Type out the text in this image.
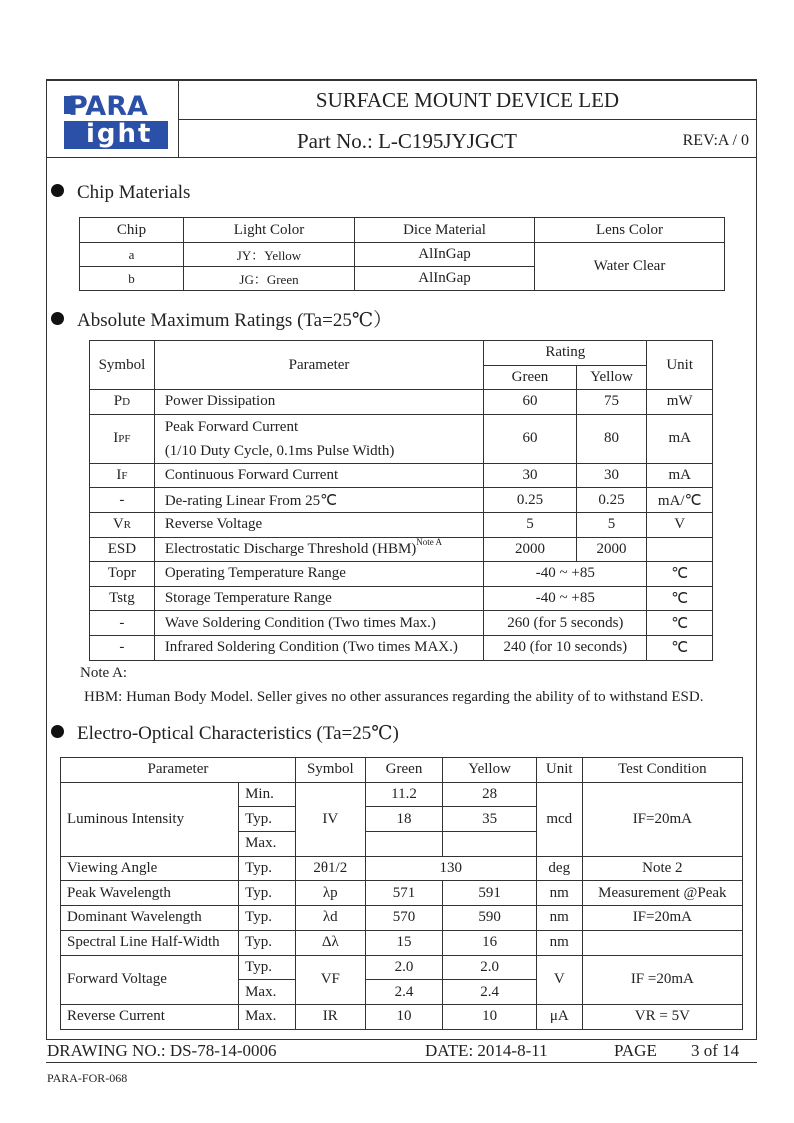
PARA
ight
SURFACE MOUNT DEVICE LED
Part No.: L-C195JYJGCT	REV:A / 0
Chip Materials
Chip	Light Color	Dice Material	Lens Color
a	JY：Yellow	AlInGap	Water Clear
b	JG：Green	AlInGap	
Absolute Maximum Ratings (Ta=25℃）
Symbol	Parameter	Rating		Unit
		Green	Yellow	
PD	Power Dissipation	60	75	mW
IPF	Peak Forward Current
(1/10 Duty Cycle, 0.1ms Pulse Width)	60	80	mA
IF	Continuous Forward Current	30	30	mA
-	De-rating Linear From 25℃	0.25	0.25	mA/℃
VR	Reverse Voltage	5	5	V
ESD	Electrostatic Discharge Threshold (HBM)$^{Note A}$	2000	2000	
Topr	Operating Temperature Range	-40 ~ +85		℃
Tstg	Storage Temperature Range	-40 ~ +85		℃
-	Wave Soldering Condition (Two times Max.)	260 (for 5 seconds)		℃
-	Infrared Soldering Condition (Two times MAX.)	240 (for 10 seconds)		℃
Note A:
HBM: Human Body Model. Seller gives no other assurances regarding the ability of to withstand ESD.
Electro-Optical Characteristics (Ta=25℃)
Parameter		Symbol	Green	Yellow	Unit	Test Condition
Luminous Intensity	Min.	IV	11.2	28	mcd	IF=20mA
	Typ.		18	35		
	Max.					
Viewing Angle	Typ.	2θ1/2	130		deg	Note 2
Peak Wavelength	Typ.	λp	571	591	nm	Measurement @Peak
Dominant Wavelength	Typ.	λd	570	590	nm	IF=20mA
Spectral Line Half-Width	Typ.	Δλ	15	16	nm	
Forward Voltage	Typ.	VF	2.0	2.0	V	IF =20mA
	Max.		2.4	2.4		
Reverse Current	Max.	IR	10	10	μA	VR = 5V
DRAWING NO.: DS-78-14-0006	DATE: 2014-8-11	PAGE 3 of 14
PARA-FOR-068
